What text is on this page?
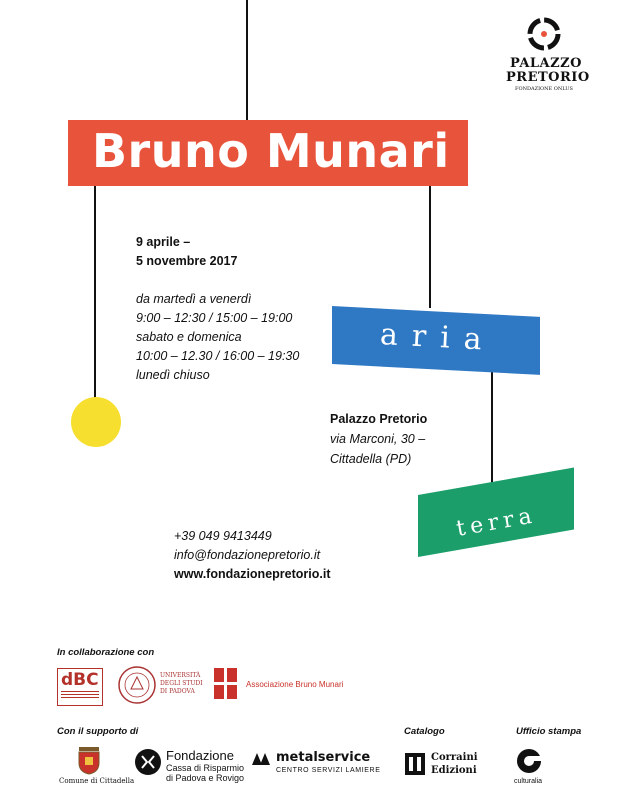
PALAZZO
PRETORIO
FONDAZIONE ONLUS
Bruno Munari
aria
terra
9 aprile –
5 novembre 2017
da martedì a venerdì
9:00 – 12:30 / 15:00 – 19:00
sabato e domenica
10:00 – 12.30 / 16:00 – 19:30
lunedì chiuso
Palazzo Pretorio
via Marconi, 30 –
Cittadella (PD)
+39 049 9413449
info@fondazionepretorio.it
www.fondazionepretorio.it
In collaborazione con
dBC	UNIVERSITÀ DEGLI STUDI DI PADOVA
Associazione Bruno Munari
Con il supporto di	Catalogo	Ufficio stampa
Comune di Cittadella
Fondazione
Cassa di Risparmio
di Padova e Rovigo
metalservice
CENTRO SERVIZI LAMIERE
Corraini
Edizioni
culturalia
